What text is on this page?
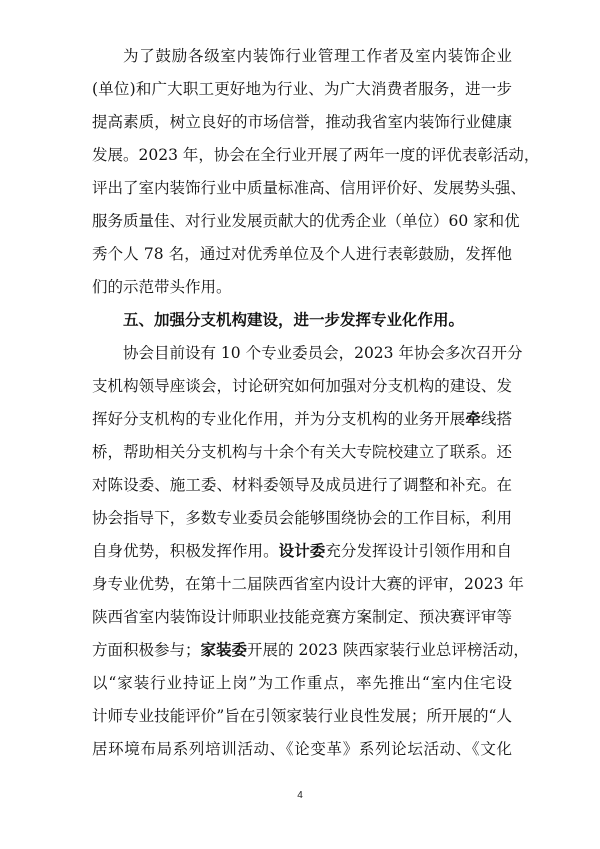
为了鼓励各级室内装饰行业管理工作者及室内装饰企业
(单位)和广大职工更好地为行业、为广大消费者服务，进一步
提高素质，树立良好的市场信誉，推动我省室内装饰行业健康
发展。2023 年，协会在全行业开展了两年一度的评优表彰活动，
评出了室内装饰行业中质量标准高、信用评价好、发展势头强、
服务质量佳、对行业发展贡献大的优秀企业（单位）60 家和优
秀个人 78 名，通过对优秀单位及个人进行表彰鼓励，发挥他
们的示范带头作用。
五、加强分支机构建设，进一步发挥专业化作用。
协会目前设有 10 个专业委员会，2023 年协会多次召开分
支机构领导座谈会，讨论研究如何加强对分支机构的建设、发
挥好分支机构的专业化作用，并为分支机构的业务开展牵线搭
桥，帮助相关分支机构与十余个有关大专院校建立了联系。还
对陈设委、施工委、材料委领导及成员进行了调整和补充。在
协会指导下，多数专业委员会能够围绕协会的工作目标，利用
自身优势，积极发挥作用。设计委充分发挥设计引领作用和自
身专业优势，在第十二届陕西省室内设计大赛的评审，2023 年
陕西省室内装饰设计师职业技能竞赛方案制定、预决赛评审等
方面积极参与；家装委开展的 2023 陕西家装行业总评榜活动，
以“家装行业持证上岗”为工作重点，率先推出“室内住宅设
计师专业技能评价”旨在引领家装行业良性发展；所开展的“人
居环境布局系列培训活动、《论变革》系列论坛活动、《文化
4
